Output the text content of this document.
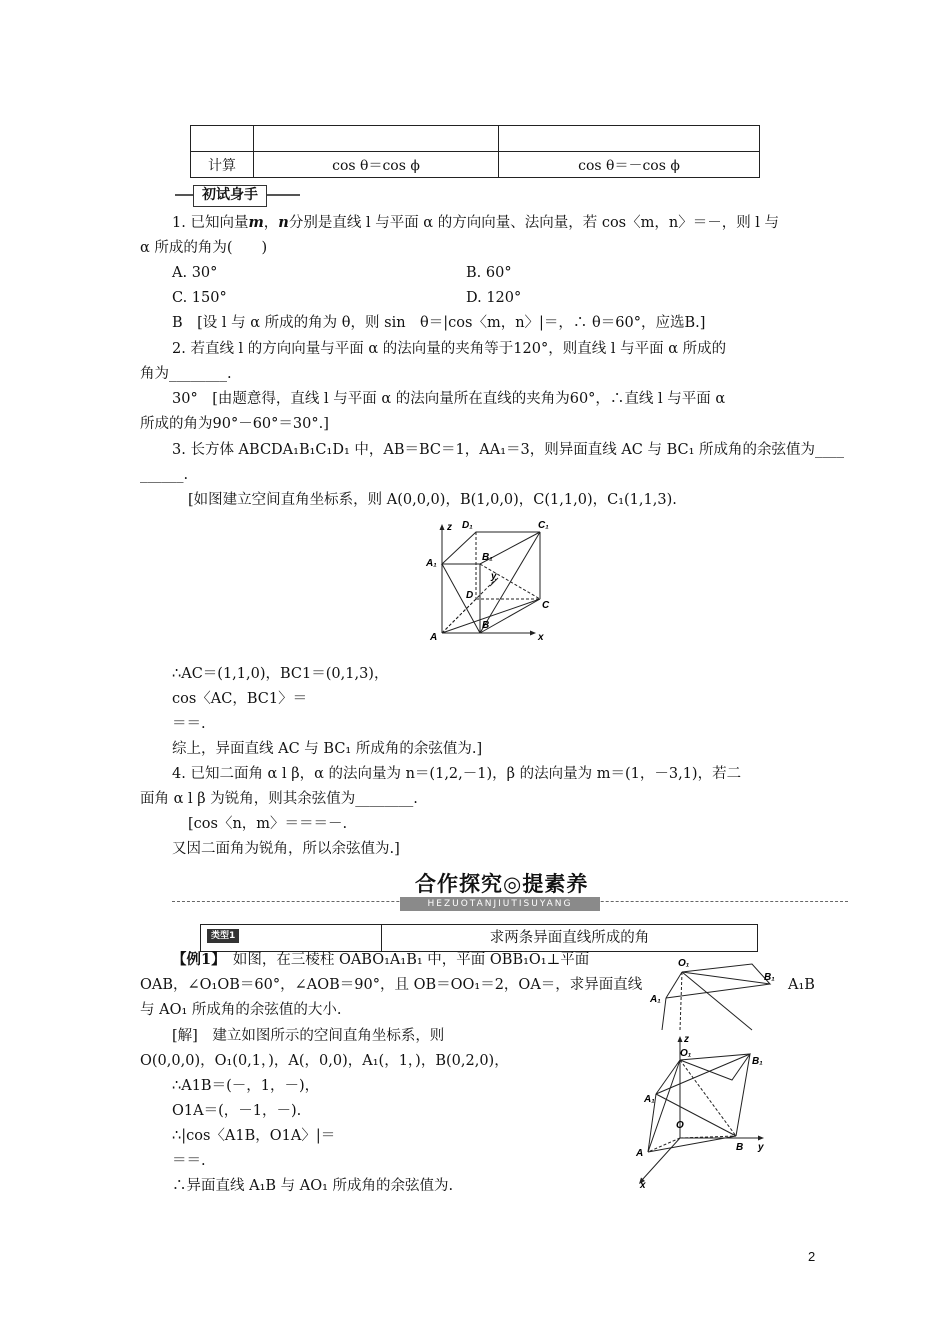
计算	cos θ＝cos ϕ	cos θ＝－cos ϕ
初试身手
1. 已知向量m，n分别是直线 l 与平面 α 的方向向量、法向量，若 cos〈m，n〉＝－，则 l 与
α 所成的角为(　　)
A. 30°	B. 60°
C. 150°	D. 120°
B　[设 l 与 α 所成的角为 θ，则 sin　θ＝|cos〈m，n〉|＝，∴ θ＝60°，应选B.]
2. 若直线 l 的方向向量与平面 α 的法向量的夹角等于120°，则直线 l 与平面 α 所成的
角为________.
30°　[由题意得，直线 l 与平面 α 的法向量所在直线的夹角为60°，∴直线 l 与平面 α
所成的角为90°－60°＝30°.]
3. 长方体 ABCDA₁B₁C₁D₁ 中，AB＝BC＝1，AA₁＝3，则异面直线 AC 与 BC₁ 所成角的余弦值为____
______.
[如图建立空间直角坐标系，则 A(0,0,0)，B(1,0,0)，C(1,1,0)，C₁(1,1,3).
z
x
y
A
B
C
D
A₁
B₁
C₁
D₁
∴AC＝(1,1,0)，BC1＝(0,1,3)，
cos〈AC，BC1〉＝
＝＝.
综上，异面直线 AC 与 BC₁ 所成角的余弦值为.]
4. 已知二面角 α l β，α 的法向量为 n＝(1,2,－1)，β 的法向量为 m＝(1，－3,1)，若二
面角 α l β 为锐角，则其余弦值为________.
[cos〈n，m〉＝＝＝－.
又因二面角为锐角，所以余弦值为.]
合作探究◎提素养
HEZUOTANJIUTISUYANG
类型1	求两条异面直线所成的角
【例1】　如图，在三棱柱 OABO₁A₁B₁ 中，平面 OBB₁O₁⊥平面
OAB，∠O₁OB＝60°，∠AOB＝90°，且 OB＝OO₁＝2，OA＝，求异面直线	A₁B
与 AO₁ 所成角的余弦值的大小.
O₁
A₁
B₁
[解]　建立如图所示的空间直角坐标系，则
O(0,0,0)，O₁(0,1，)，A(，0,0)，A₁(，1，)，B(0,2,0)，
∴A1B＝(－，1，－)，
O1A＝(，－1，－).
∴|cos〈A1B，O1A〉|＝
＝＝.
∴异面直线 A₁B 与 AO₁ 所成角的余弦值为.
z
y
x
O₁
A₁
B₁
O
A
B
2
